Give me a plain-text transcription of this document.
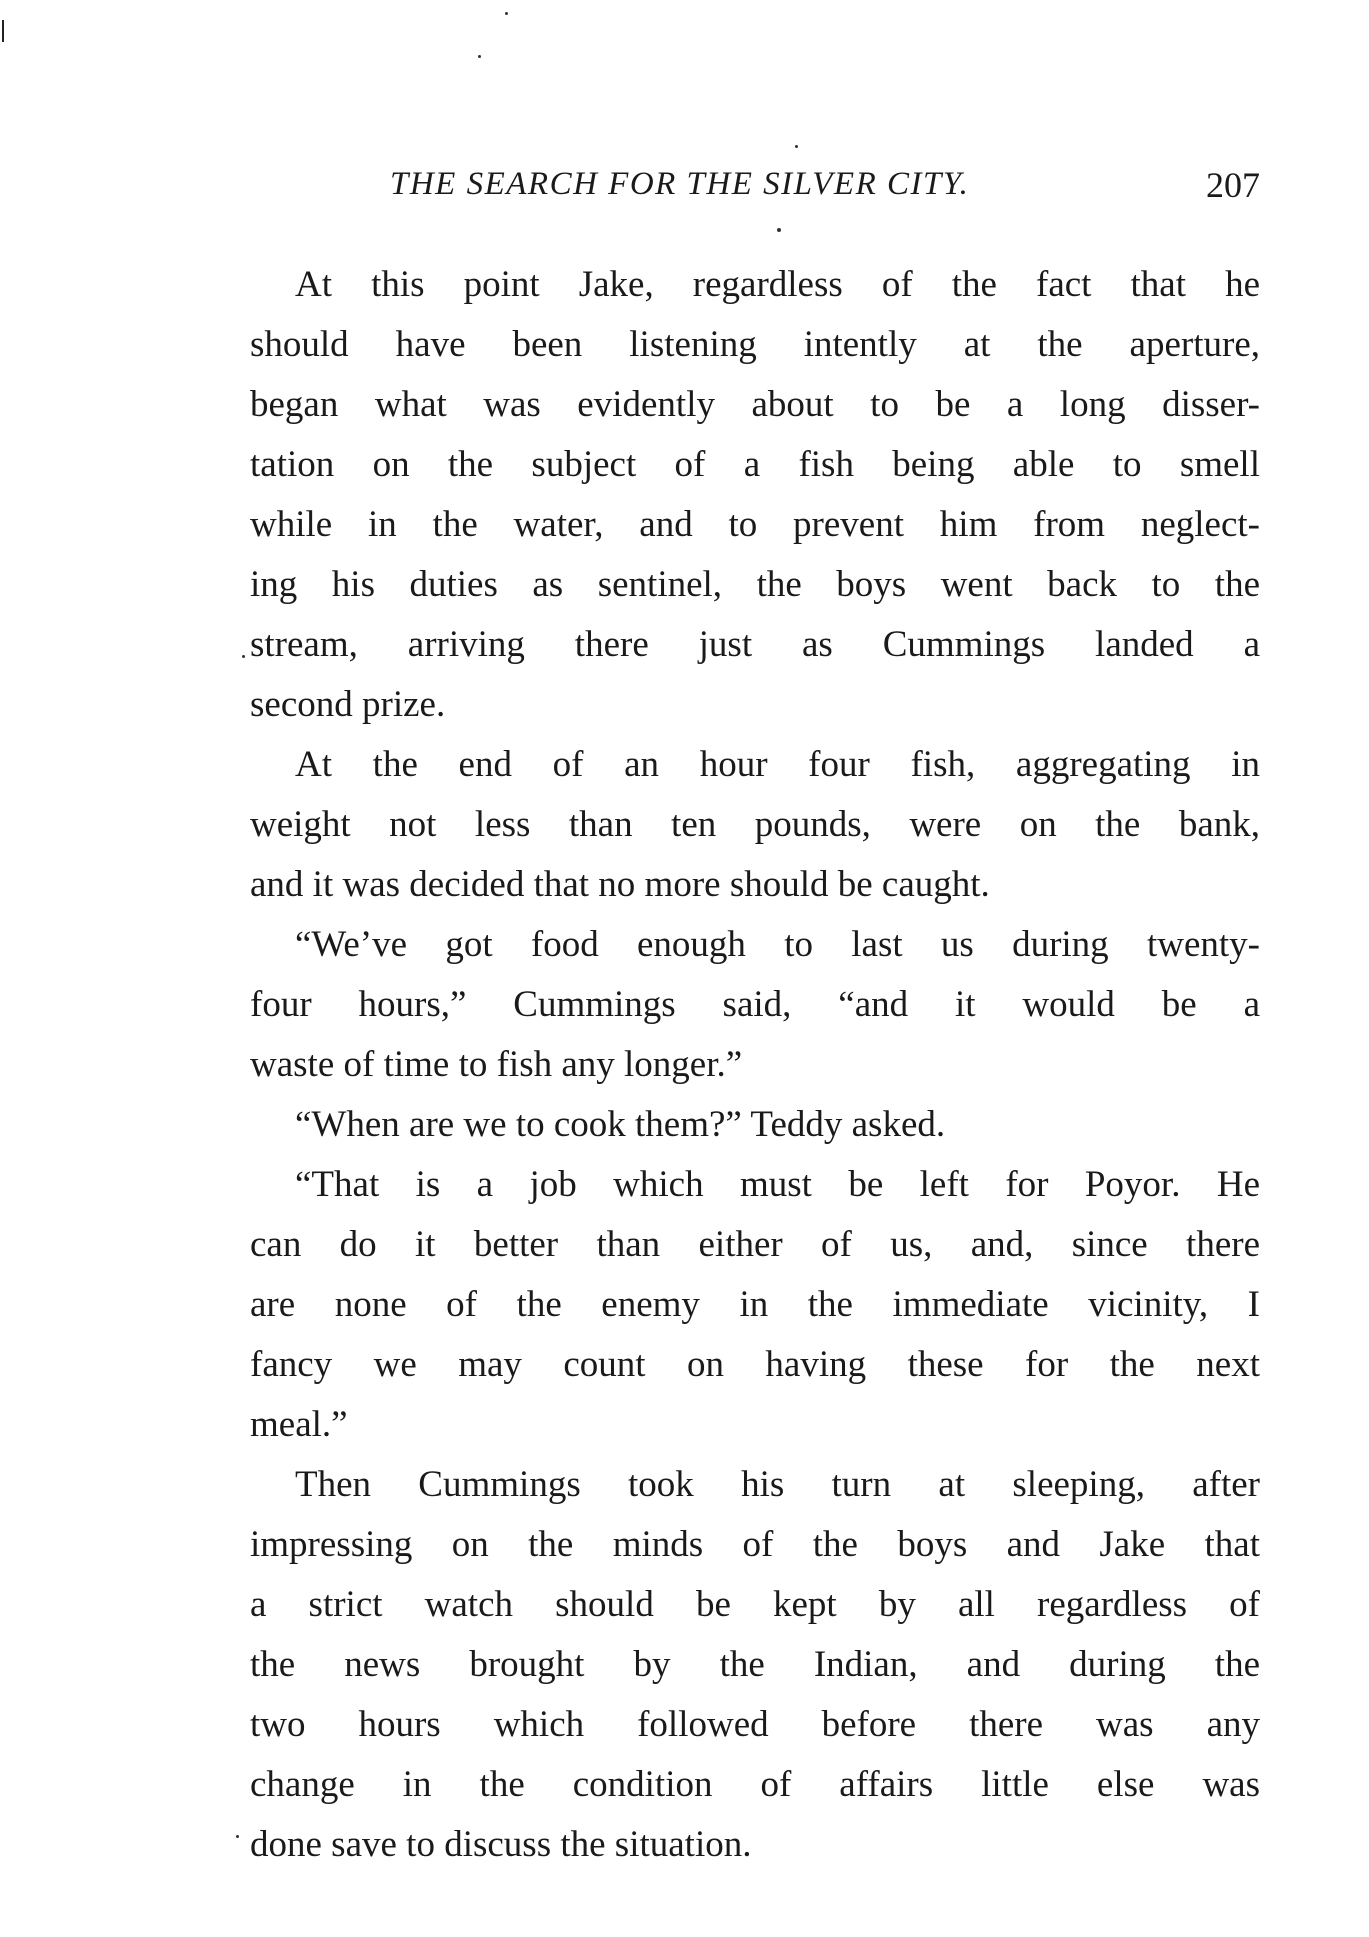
THE SEARCH FOR THE SILVER CITY.	207
At this point Jake, regardless of the fact that he
should have been listening intently at the aperture,
began what was evidently about to be a long disser-
tation on the subject of a fish being able to smell
while in the water, and to prevent him from neglect-
ing his duties as sentinel, the boys went back to the
stream, arriving there just as Cummings landed a
second prize.
At the end of an hour four fish, aggregating in
weight not less than ten pounds, were on the bank,
and it was decided that no more should be caught.
“We’ve got food enough to last us during twenty-
four hours,” Cummings said, “and it would be a
waste of time to fish any longer.”
“When are we to cook them?” Teddy asked.
“That is a job which must be left for Poyor. He
can do it better than either of us, and, since there
are none of the enemy in the immediate vicinity, I
fancy we may count on having these for the next
meal.”
Then Cummings took his turn at sleeping, after
impressing on the minds of the boys and Jake that
a strict watch should be kept by all regardless of
the news brought by the Indian, and during the
two hours which followed before there was any
change in the condition of affairs little else was
done save to discuss the situation.
